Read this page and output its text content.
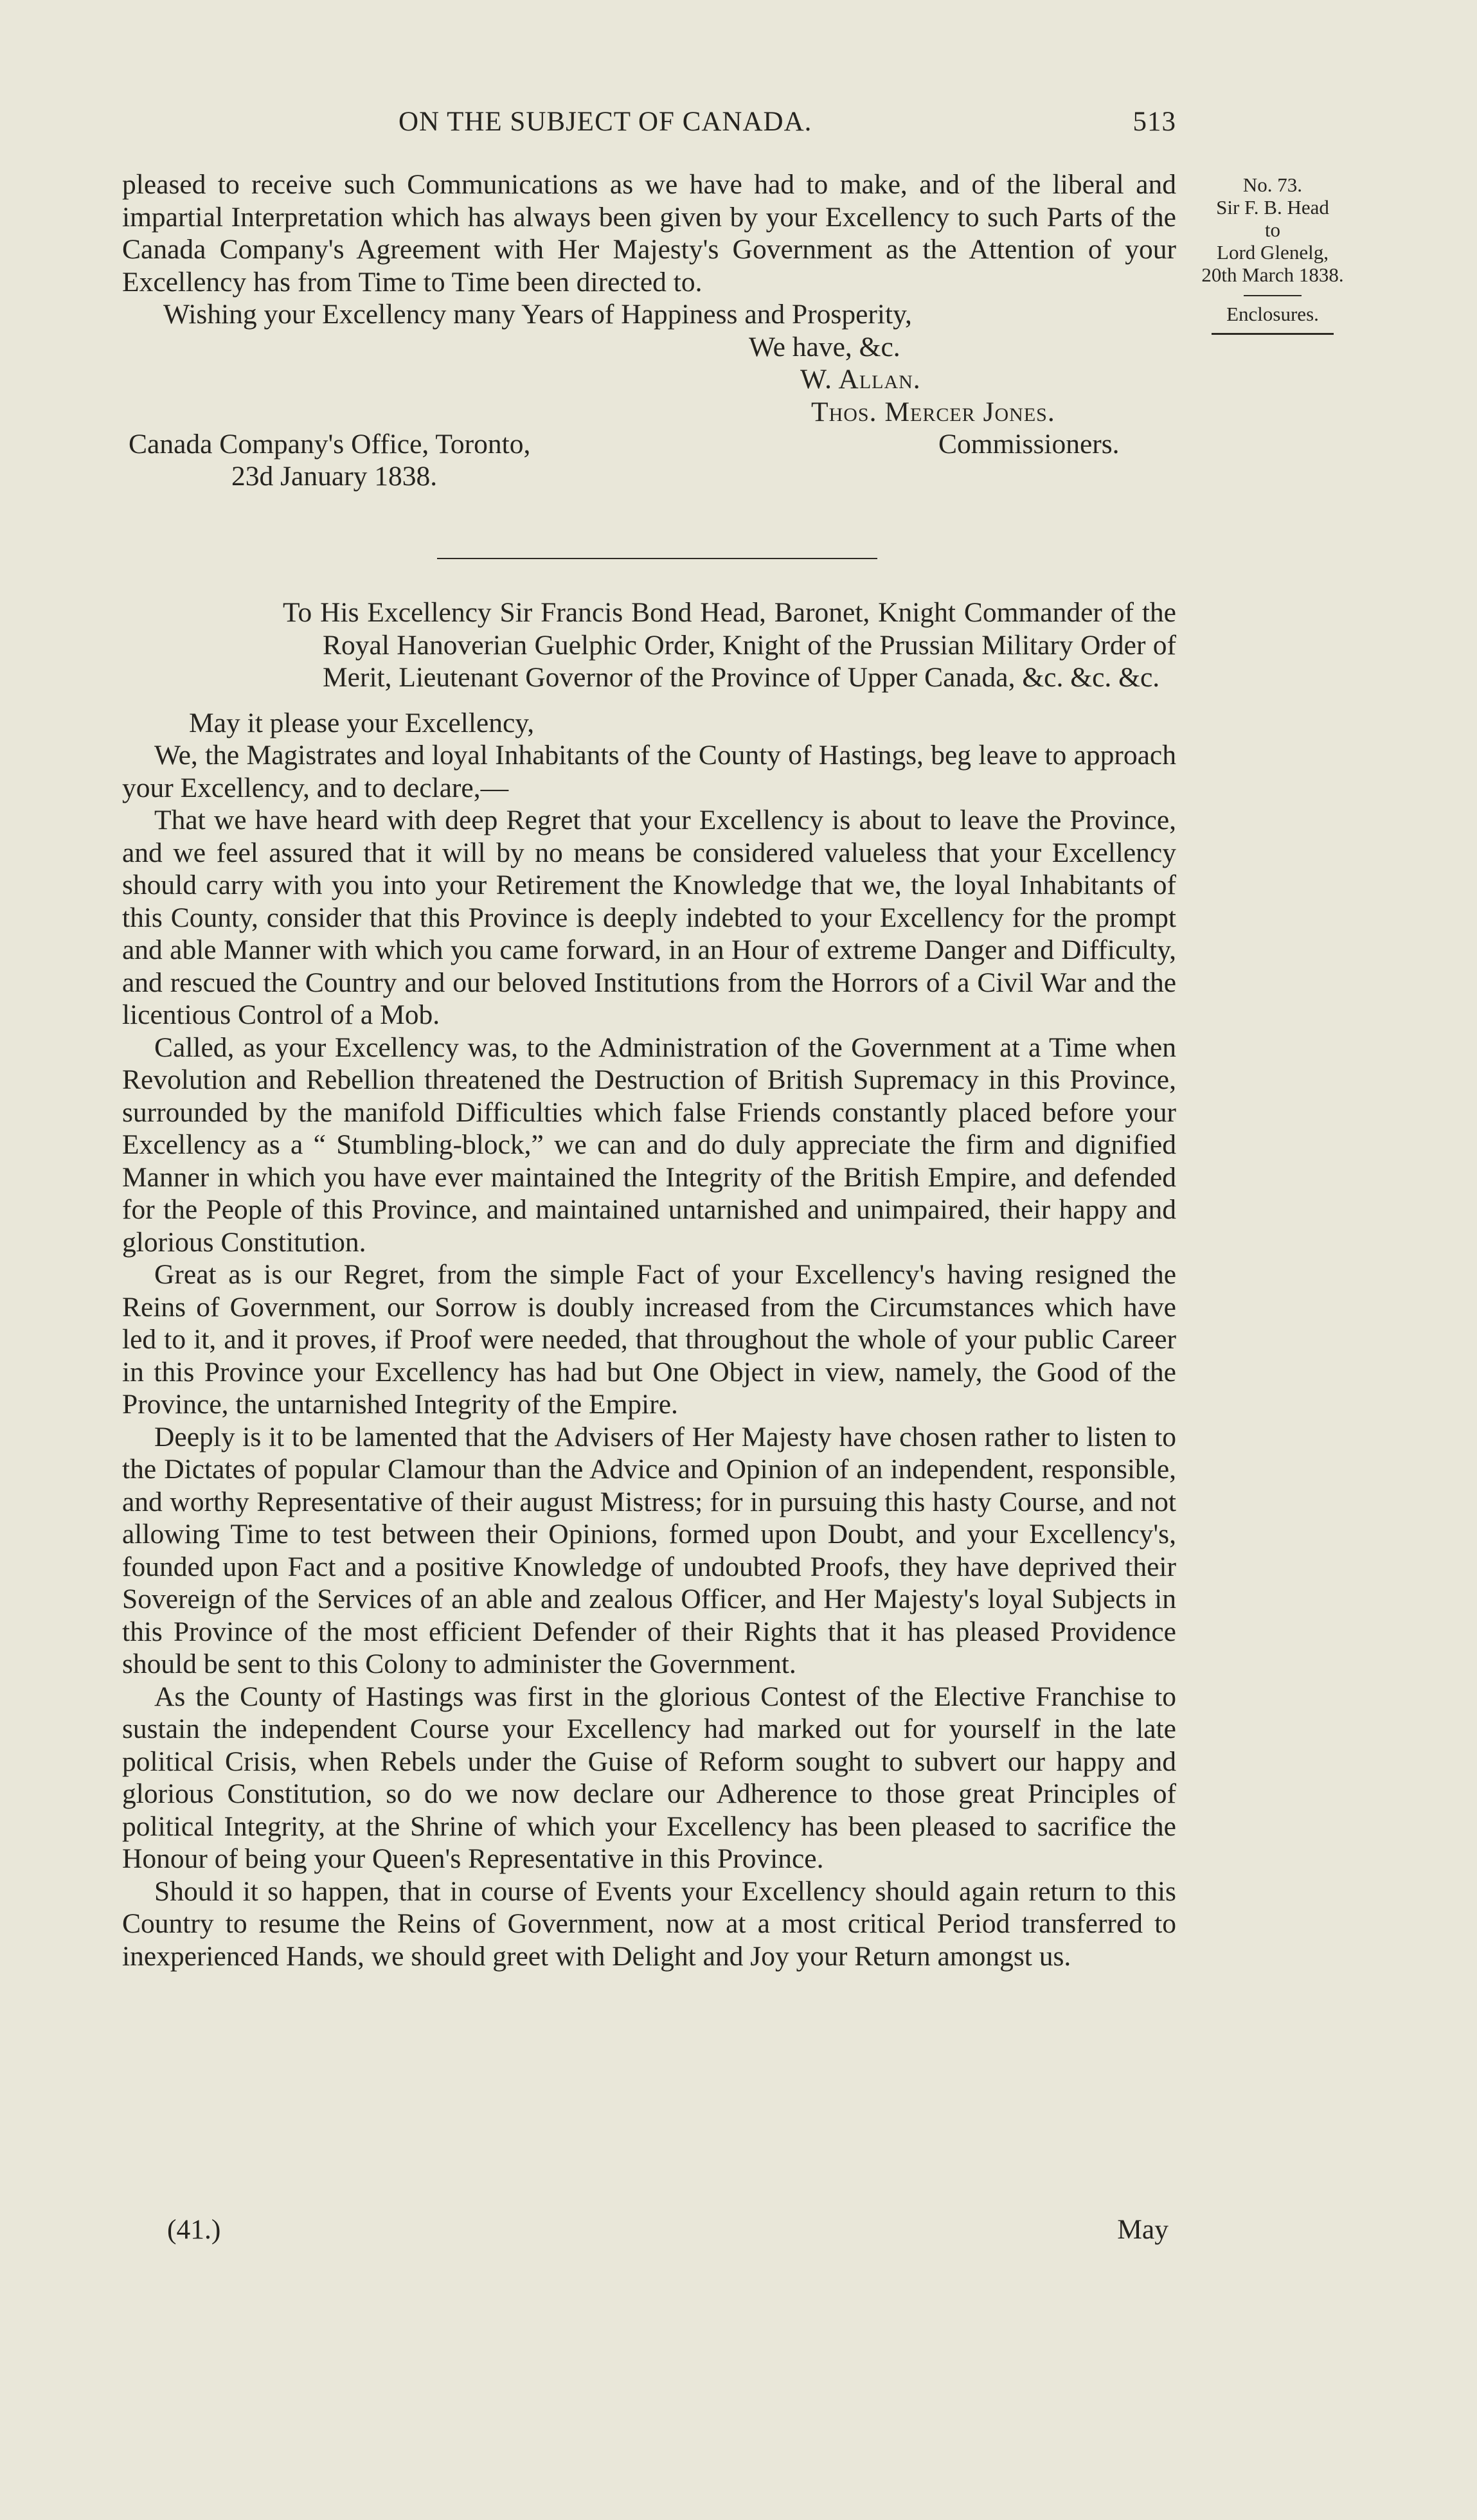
ON THE SUBJECT OF CANADA.	513
No. 73.
Sir F. B. Head
to
Lord Glenelg,
20th March 1838.
Enclosures.

pleased to receive such Communications as we have had to make, and of the liberal and impartial Interpretation which has always been given by your Excellency to such Parts of the Canada Company's Agreement with Her Majesty's Government as the Attention of your Excellency has from Time to Time been directed to.

Wishing your Excellency many Years of Happiness and Prosperity,

We have, &c.
W. Allan.
Thos. Mercer Jones.
Canada Company's Office, Toronto,	Commissioners.
23d January 1838.

To His Excellency Sir Francis Bond Head, Baronet, Knight Commander of the Royal Hanoverian Guelphic Order, Knight of the Prussian Military Order of Merit, Lieutenant Governor of the Province of Upper Canada, &c. &c. &c.

May it please your Excellency,

We, the Magistrates and loyal Inhabitants of the County of Hastings, beg leave to approach your Excellency, and to declare,—

That we have heard with deep Regret that your Excellency is about to leave the Province, and we feel assured that it will by no means be considered valueless that your Excellency should carry with you into your Retirement the Knowledge that we, the loyal Inhabitants of this County, consider that this Province is deeply indebted to your Excellency for the prompt and able Manner with which you came forward, in an Hour of extreme Danger and Difficulty, and rescued the Country and our beloved Institutions from the Horrors of a Civil War and the licentious Control of a Mob.

Called, as your Excellency was, to the Administration of the Government at a Time when Revolution and Rebellion threatened the Destruction of British Supremacy in this Province, surrounded by the manifold Difficulties which false Friends constantly placed before your Excellency as a “ Stumbling-block,” we can and do duly appreciate the firm and dignified Manner in which you have ever maintained the Integrity of the British Empire, and defended for the People of this Province, and maintained untarnished and unimpaired, their happy and glorious Constitution.

Great as is our Regret, from the simple Fact of your Excellency's having resigned the Reins of Government, our Sorrow is doubly increased from the Circumstances which have led to it, and it proves, if Proof were needed, that throughout the whole of your public Career in this Province your Excellency has had but One Object in view, namely, the Good of the Province, the untarnished Integrity of the Empire.

Deeply is it to be lamented that the Advisers of Her Majesty have chosen rather to listen to the Dictates of popular Clamour than the Advice and Opinion of an independent, responsible, and worthy Representative of their august Mistress; for in pursuing this hasty Course, and not allowing Time to test between their Opinions, formed upon Doubt, and your Excellency's, founded upon Fact and a positive Knowledge of undoubted Proofs, they have deprived their Sovereign of the Services of an able and zealous Officer, and Her Majesty's loyal Subjects in this Province of the most efficient Defender of their Rights that it has pleased Providence should be sent to this Colony to administer the Government.

As the County of Hastings was first in the glorious Contest of the Elective Franchise to sustain the independent Course your Excellency had marked out for yourself in the late political Crisis, when Rebels under the Guise of Reform sought to subvert our happy and glorious Constitution, so do we now declare our Adherence to those great Principles of political Integrity, at the Shrine of which your Excellency has been pleased to sacrifice the Honour of being your Queen's Representative in this Province.

Should it so happen, that in course of Events your Excellency should again return to this Country to resume the Reins of Government, now at a most critical Period transferred to inexperienced Hands, we should greet with Delight and Joy your Return amongst us.

(41.)	May
